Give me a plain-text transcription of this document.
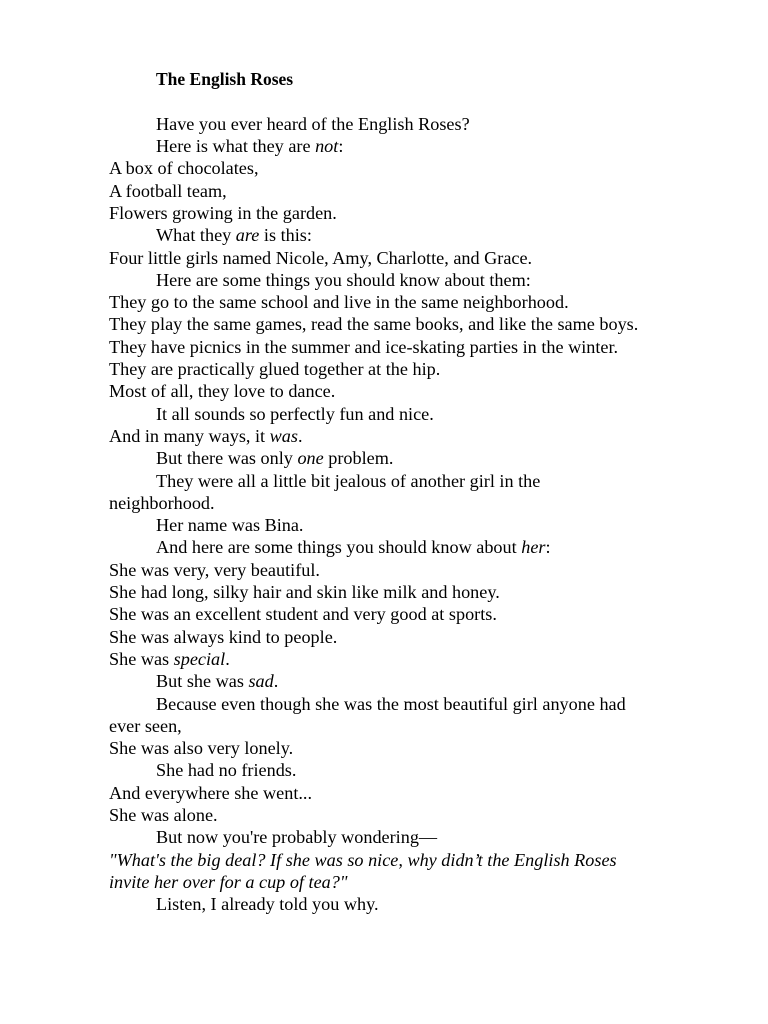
The English Roses
Have you ever heard of the English Roses?
Here is what they are not:
A box of chocolates,
A football team,
Flowers growing in the garden.
What they are is this:
Four little girls named Nicole, Amy, Charlotte, and Grace.
Here are some things you should know about them:
They go to the same school and live in the same neighborhood.
They play the same games, read the same books, and like the same boys.
They have picnics in the summer and ice-skating parties in the winter.
They are practically glued together at the hip.
Most of all, they love to dance.
It all sounds so perfectly fun and nice.
And in many ways, it was.
But there was only one problem.
They were all a little bit jealous of another girl in the
neighborhood.
Her name was Bina.
And here are some things you should know about her:
She was very, very beautiful.
She had long, silky hair and skin like milk and honey.
She was an excellent student and very good at sports.
She was always kind to people.
She was special.
But she was sad.
Because even though she was the most beautiful girl anyone had
ever seen,
She was also very lonely.
She had no friends.
And everywhere she went...
She was alone.
But now you're probably wondering—
"What's the big deal? If she was so nice, why didn’t the English Roses
invite her over for a cup of tea?"
Listen, I already told you why.
